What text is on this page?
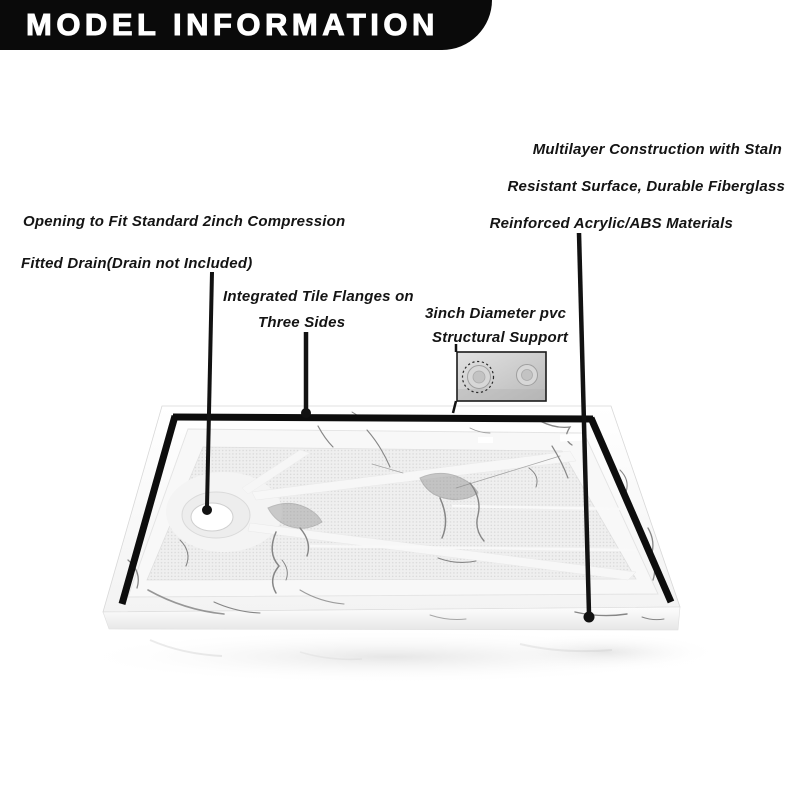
MODEL INFORMATION
Multilayer Construction with StaIn
Resistant Surface, Durable Fiberglass
Reinforced Acrylic/ABS Materials
Opening to Fit Standard 2inch Compression
Fitted Drain(Drain not Included)
Integrated Tile Flanges on
Three Sides
3inch Diameter pvc
Structural Support
